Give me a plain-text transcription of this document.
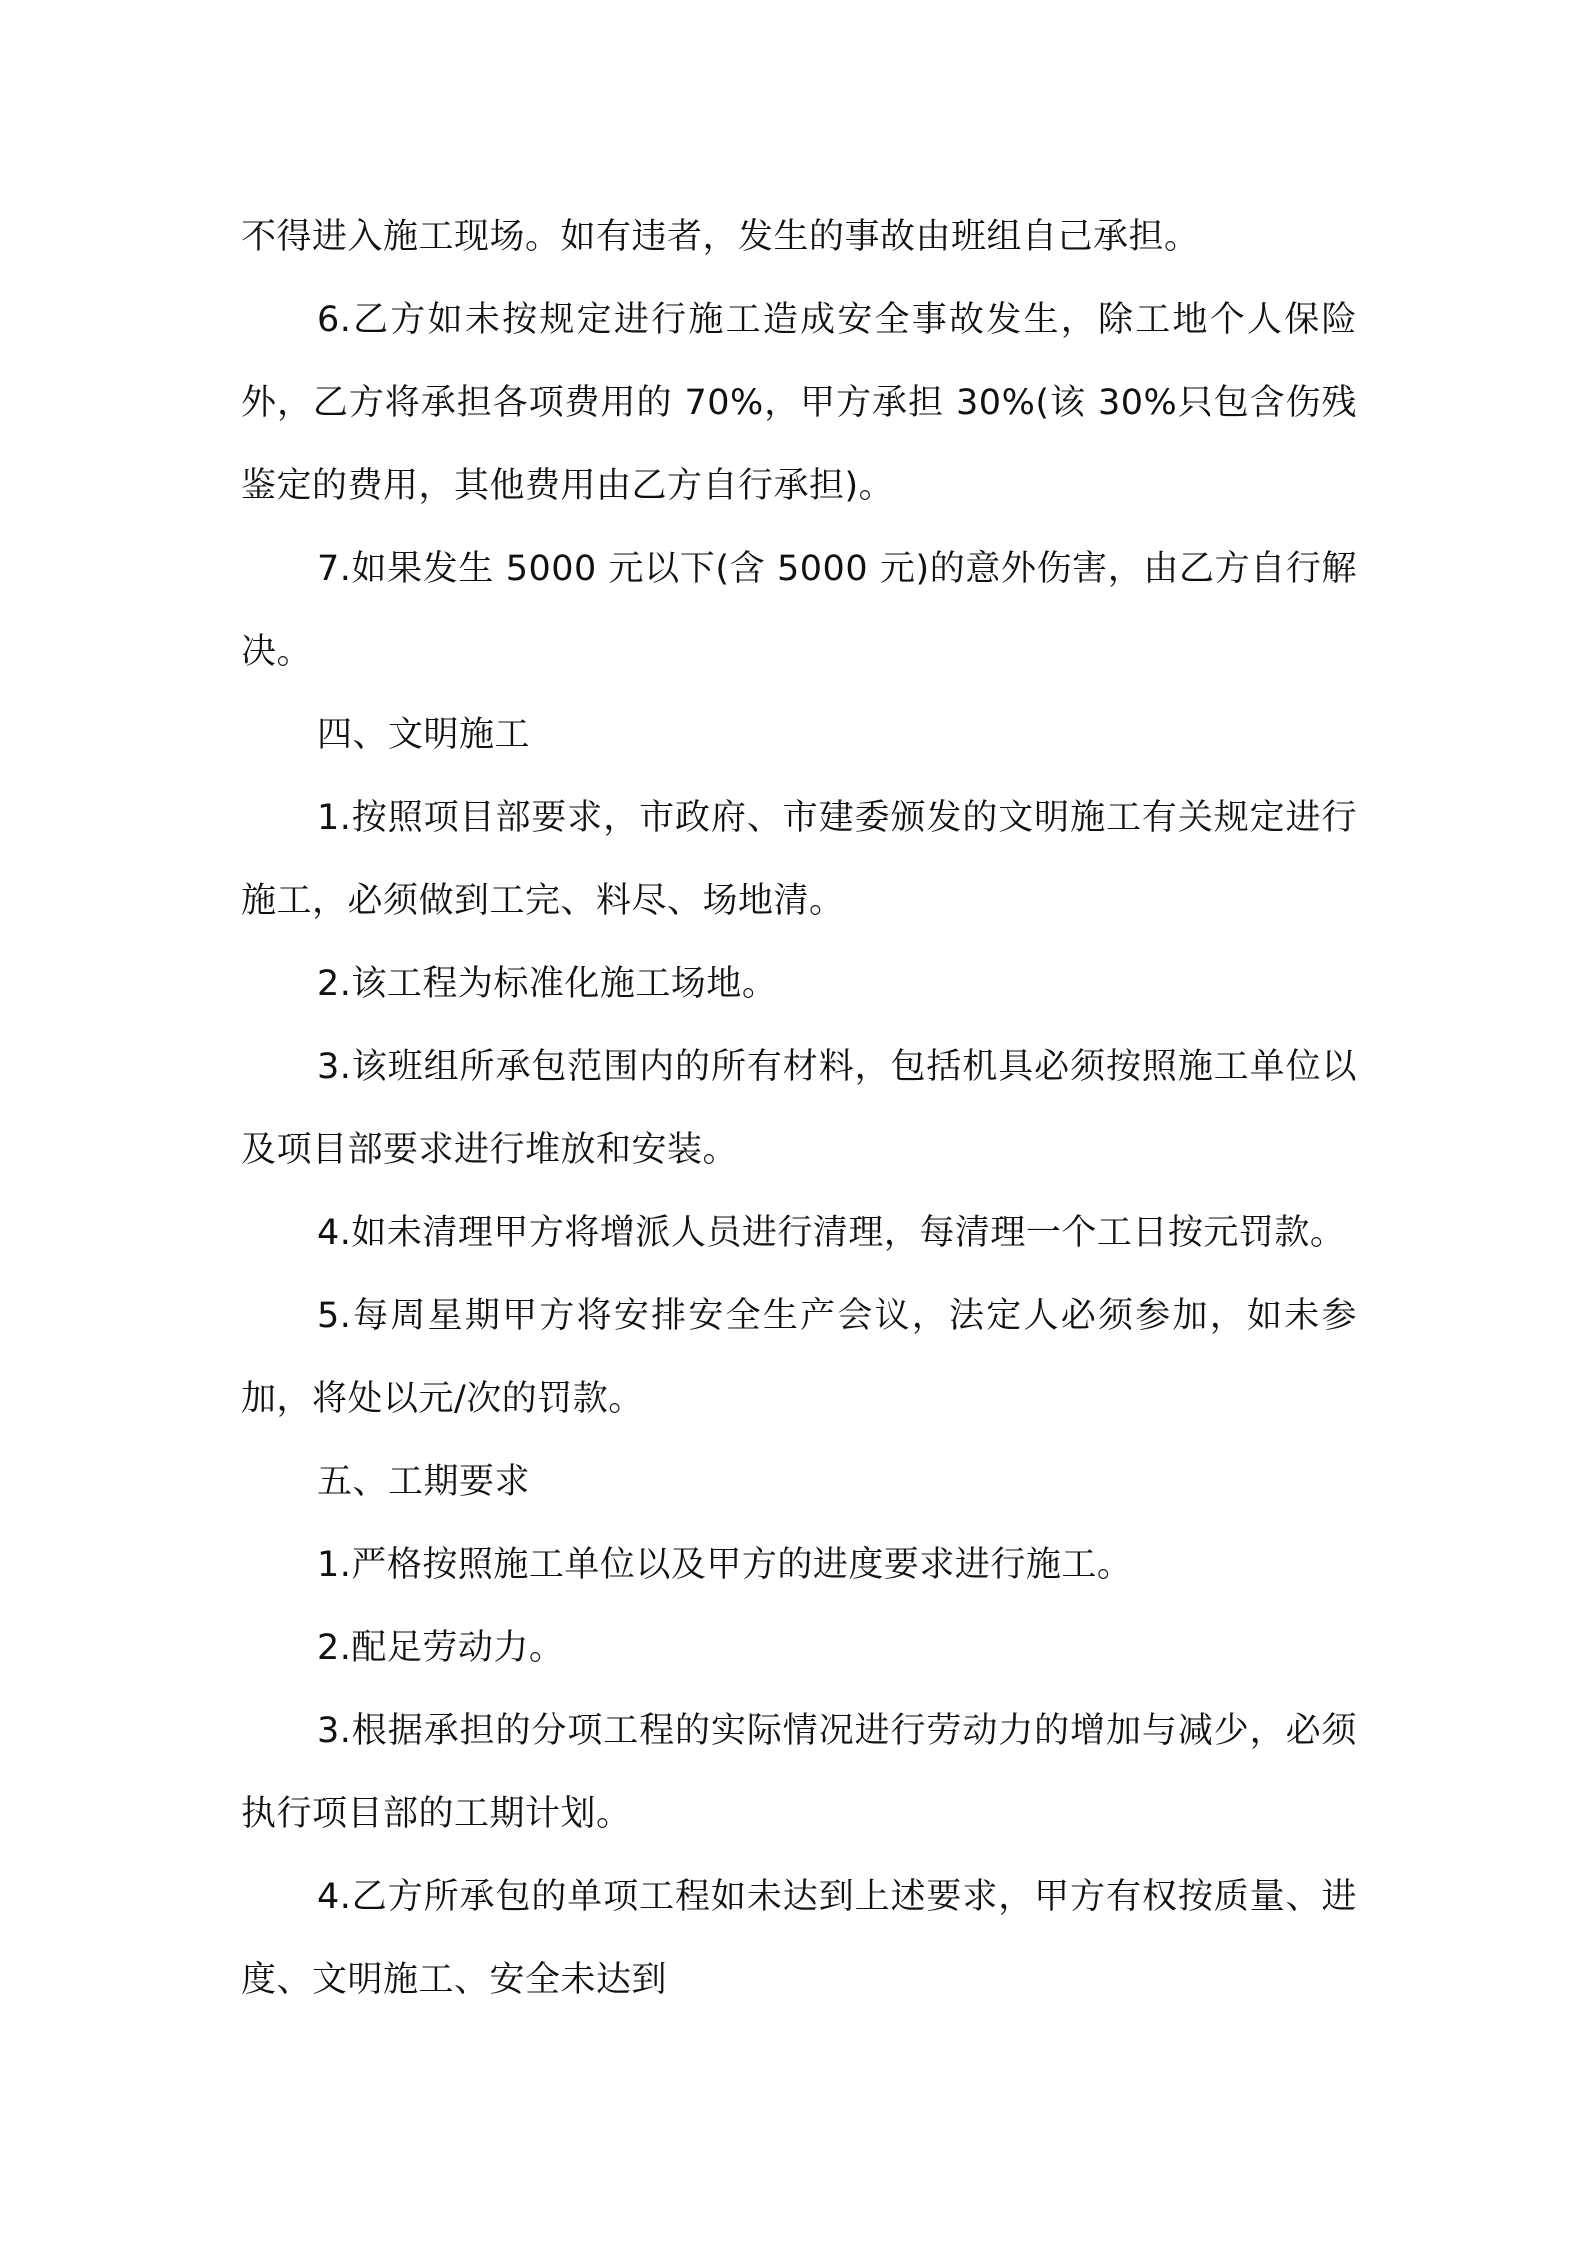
不得进入施工现场。如有违者，发生的事故由班组自己承担。

6.乙方如未按规定进行施工造成安全事故发生，除工地个人保险外，乙方将承担各项费用的 70%，甲方承担 30%(该 30%只包含伤残鉴定的费用，其他费用由乙方自行承担)。

7.如果发生 5000 元以下(含 5000 元)的意外伤害，由乙方自行解决。

四、文明施工

1.按照项目部要求，市政府、市建委颁发的文明施工有关规定进行施工，必须做到工完、料尽、场地清。

2.该工程为标准化施工场地。

3.该班组所承包范围内的所有材料，包括机具必须按照施工单位以及项目部要求进行堆放和安装。

4.如未清理甲方将增派人员进行清理，每清理一个工日按元罚款。

5.每周星期甲方将安排安全生产会议，法定人必须参加，如未参加，将处以元/次的罚款。

五、工期要求

1.严格按照施工单位以及甲方的进度要求进行施工。

2.配足劳动力。

3.根据承担的分项工程的实际情况进行劳动力的增加与减少，必须执行项目部的工期计划。

4.乙方所承包的单项工程如未达到上述要求，甲方有权按质量、进度、文明施工、安全未达到
